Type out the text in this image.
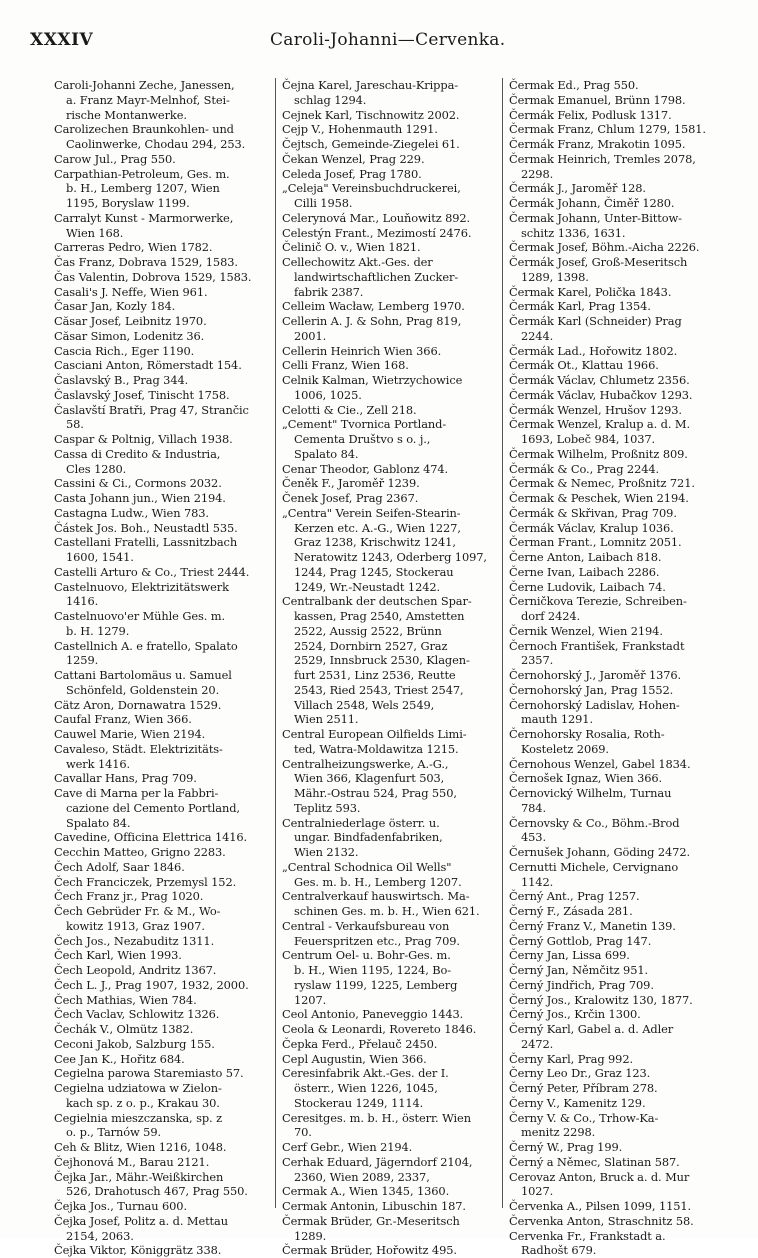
XXXIV	Caroli-Johanni—Cervenka.
Caroli-Johanni Zeche, Janessen,
a. Franz Mayr-Melnhof, Stei-
rische Montanwerke.
Carolizechen Braunkohlen- und
Caolinwerke, Chodau 294, 253.
Carow Jul., Prag 550.
Carpathian-Petroleum, Ges. m.
b. H., Lemberg 1207, Wien
1195, Boryslaw 1199.
Carralyt Kunst - Marmorwerke,
Wien 168.
Carreras Pedro, Wien 1782.
Čas Franz, Dobrava 1529, 1583.
Čas Valentin, Dobrova 1529, 1583.
Casali's J. Neffe, Wien 961.
Časar Jan, Kozly 184.
Căsar Josef, Leibnitz 1970.
Căsar Simon, Lodenitz 36.
Cascia Rich., Eger 1190.
Casciani Anton, Römerstadt 154.
Časlavský B., Prag 344.
Časlavský Josef, Tinischt 1758.
Časlavští Bratři, Prag 47, Strančic
58.
Caspar & Poltnig, Villach 1938.
Cassa di Credito & Industria,
Cles 1280.
Cassini & Ci., Cormons 2032.
Casta Johann jun., Wien 2194.
Castagna Ludw., Wien 783.
Částek Jos. Boh., Neustadtl 535.
Castellani Fratelli, Lassnitzbach
1600, 1541.
Castelli Arturo & Co., Triest 2444.
Castelnuovo, Elektrizitätswerk
1416.
Castelnuovo'er Mühle Ges. m.
b. H. 1279.
Castellnich A. e fratello, Spalato
1259.
Cattani Bartolomäus u. Samuel
Schönfeld, Goldenstein 20.
Cätz Aron, Dornawatra 1529.
Caufal Franz, Wien 366.
Cauwel Marie, Wien 2194.
Cavaleso, Städt. Elektrizitäts-
werk 1416.
Cavallar Hans, Prag 709.
Cave di Marna per la Fabbri-
cazione del Cemento Portland,
Spalato 84.
Cavedine, Officina Elettrica 1416.
Cecchin Matteo, Grigno 2283.
Čech Adolf, Saar 1846.
Čech Franciczek, Przemysl 152.
Čech Franz jr., Prag 1020.
Čech Gebrüder Fr. & M., Wo-
kowitz 1913, Graz 1907.
Čech Jos., Nezabuditz 1311.
Čech Karl, Wien 1993.
Čech Leopold, Andritz 1367.
Čech L. J., Prag 1907, 1932, 2000.
Čech Mathias, Wien 784.
Čech Vaclav, Schlowitz 1326.
Čechák V., Olmütz 1382.
Ceconi Jakob, Salzburg 155.
Cee Jan K., Hořitz 684.
Cegielna parowa Staremiasto 57.
Cegielna udziatowa w Zielon-
kach sp. z o. p., Krakau 30.
Cegielnia mieszczanska, sp. z
o. p., Tarnów 59.
Ceh & Blitz, Wien 1216, 1048.
Čejhonová M., Barau 2121.
Čejka Jar., Mähr.-Weißkirchen
526, Drahotusch 467, Prag 550.
Čejka Jos., Turnau 600.
Čejka Josef, Politz a. d. Mettau
2154, 2063.
Čejka Viktor, Königgrätz 338.
Čejna Karel, Jareschau-Krippa-
schlag 1294.
Cejnek Karl, Tischnowitz 2002.
Cejp V., Hohenmauth 1291.
Čejtsch, Gemeinde-Ziegelei 61.
Čekan Wenzel, Prag 229.
Celeda Josef, Prag 1780.
„Celeja" Vereinsbuchdruckerei,
Cilli 1958.
Celerynová Mar., Louňowitz 892.
Celestýn Frant., Mezimostí 2476.
Čelinič O. v., Wien 1821.
Cellechowitz Akt.-Ges. der
landwirtschaftlichen Zucker-
fabrik 2387.
Celleim Wacław, Lemberg 1970.
Cellerin A. J. & Sohn, Prag 819,
2001.
Cellerin Heinrich Wien 366.
Celli Franz, Wien 168.
Celnik Kalman, Wietrzychowice
1006, 1025.
Celotti & Cie., Zell 218.
„Cement" Tvornica Portland-
Cementa Društvo s o. j.,
Spalato 84.
Cenar Theodor, Gablonz 474.
Čeněk F., Jaroměř 1239.
Čenek Josef, Prag 2367.
„Centra" Verein Seifen-Stearin-
Kerzen etc. A.-G., Wien 1227,
Graz 1238, Krischwitz 1241,
Neratowitz 1243, Oderberg 1097,
1244, Prag 1245, Stockerau
1249, Wr.-Neustadt 1242.
Centralbank der deutschen Spar-
kassen, Prag 2540, Amstetten
2522, Aussig 2522, Brünn
2524, Dornbirn 2527, Graz
2529, Innsbruck 2530, Klagen-
furt 2531, Linz 2536, Reutte
2543, Ried 2543, Triest 2547,
Villach 2548, Wels 2549,
Wien 2511.
Central European Oilfields Limi-
ted, Watra-Moldawitza 1215.
Centralheizungswerke, A.-G.,
Wien 366, Klagenfurt 503,
Mähr.-Ostrau 524, Prag 550,
Teplitz 593.
Centralniederlage österr. u.
ungar. Bindfadenfabriken,
Wien 2132.
„Central Schodnica Oil Wells"
Ges. m. b. H., Lemberg 1207.
Centralverkauf hauswirtsch. Ma-
schinen Ges. m. b. H., Wien 621.
Central - Verkaufsbureau von
Feuerspritzen etc., Prag 709.
Centrum Oel- u. Bohr-Ges. m.
b. H., Wien 1195, 1224, Bo-
ryslaw 1199, 1225, Lemberg
1207.
Ceol Antonio, Paneveggio 1443.
Ceola & Leonardi, Rovereto 1846.
Čepka Ferd., Přelauč 2450.
Cepl Augustin, Wien 366.
Ceresinfabrik Akt.-Ges. der I.
österr., Wien 1226, 1045,
Stockerau 1249, 1114.
Ceresitges. m. b. H., österr. Wien
70.
Cerf Gebr., Wien 2194.
Cerhak Eduard, Jägerndorf 2104,
2360, Wien 2089, 2337,
Cermak A., Wien 1345, 1360.
Cermak Antonin, Libuschin 187.
Čermak Brüder, Gr.-Meseritsch
1289.
Čermak Brüder, Hořowitz 495.
Čermak Ed., Prag 550.
Čermak Emanuel, Brünn 1798.
Čermák Felix, Podlusk 1317.
Čermak Franz, Chlum 1279, 1581.
Čermák Franz, Mrakotin 1095.
Čermak Heinrich, Tremles 2078,
2298.
Čermák J., Jaroměř 128.
Čermák Johann, Čiměř 1280.
Čermak Johann, Unter-Bittow-
schitz 1336, 1631.
Čermak Josef, Böhm.-Aicha 2226.
Čermák Josef, Groß-Meseritsch
1289, 1398.
Čermak Karel, Polička 1843.
Čermák Karl, Prag 1354.
Čermák Karl (Schneider) Prag
2244.
Čermák Lad., Hořowitz 1802.
Čermák Ot., Klattau 1966.
Čermák Václav, Chlumetz 2356.
Čermák Václav, Hubačkov 1293.
Čermák Wenzel, Hrušov 1293.
Čermak Wenzel, Kralup a. d. M.
1693, Lobeč 984, 1037.
Čermak Wilhelm, Proßnitz 809.
Čermák & Co., Prag 2244.
Čermak & Nemec, Proßnitz 721.
Čermak & Peschek, Wien 2194.
Čermák & Skřivan, Prag 709.
Čermák Václav, Kralup 1036.
Čerman Frant., Lomnitz 2051.
Černe Anton, Laibach 818.
Černe Ivan, Laibach 2286.
Černe Ludovik, Laibach 74.
Černičkova Terezie, Schreiben-
dorf 2424.
Černik Wenzel, Wien 2194.
Černoch František, Frankstadt
2357.
Černohorský J., Jaroměř 1376.
Černohorský Jan, Prag 1552.
Černohorský Ladislav, Hohen-
mauth 1291.
Černohorsky Rosalia, Roth-
Kosteletz 2069.
Černohous Wenzel, Gabel 1834.
Černošek Ignaz, Wien 366.
Černovický Wilhelm, Turnau
784.
Černovsky & Co., Böhm.-Brod
453.
Černušek Johann, Göding 2472.
Cernutti Michele, Cervignano
1142.
Černý Ant., Prag 1257.
Černý F., Zásada 281.
Černý Franz V., Manetin 139.
Černý Gottlob, Prag 147.
Černy Jan, Lissa 699.
Černý Jan, Němčitz 951.
Černý Jindřich, Prag 709.
Černý Jos., Kralowitz 130, 1877.
Černý Jos., Krčin 1300.
Černý Karl, Gabel a. d. Adler
2472.
Černy Karl, Prag 992.
Černy Leo Dr., Graz 123.
Černý Peter, Příbram 278.
Černy V., Kamenitz 129.
Černy V. & Co., Trhow-Ka-
menitz 2298.
Černý W., Prag 199.
Černý a Němec, Slatinan 587.
Cerovaz Anton, Bruck a. d. Mur
1027.
Červenka A., Pilsen 1099, 1151.
Červenka Anton, Straschnitz 58.
Cervenka Fr., Frankstadt a.
Radhošt 679.
